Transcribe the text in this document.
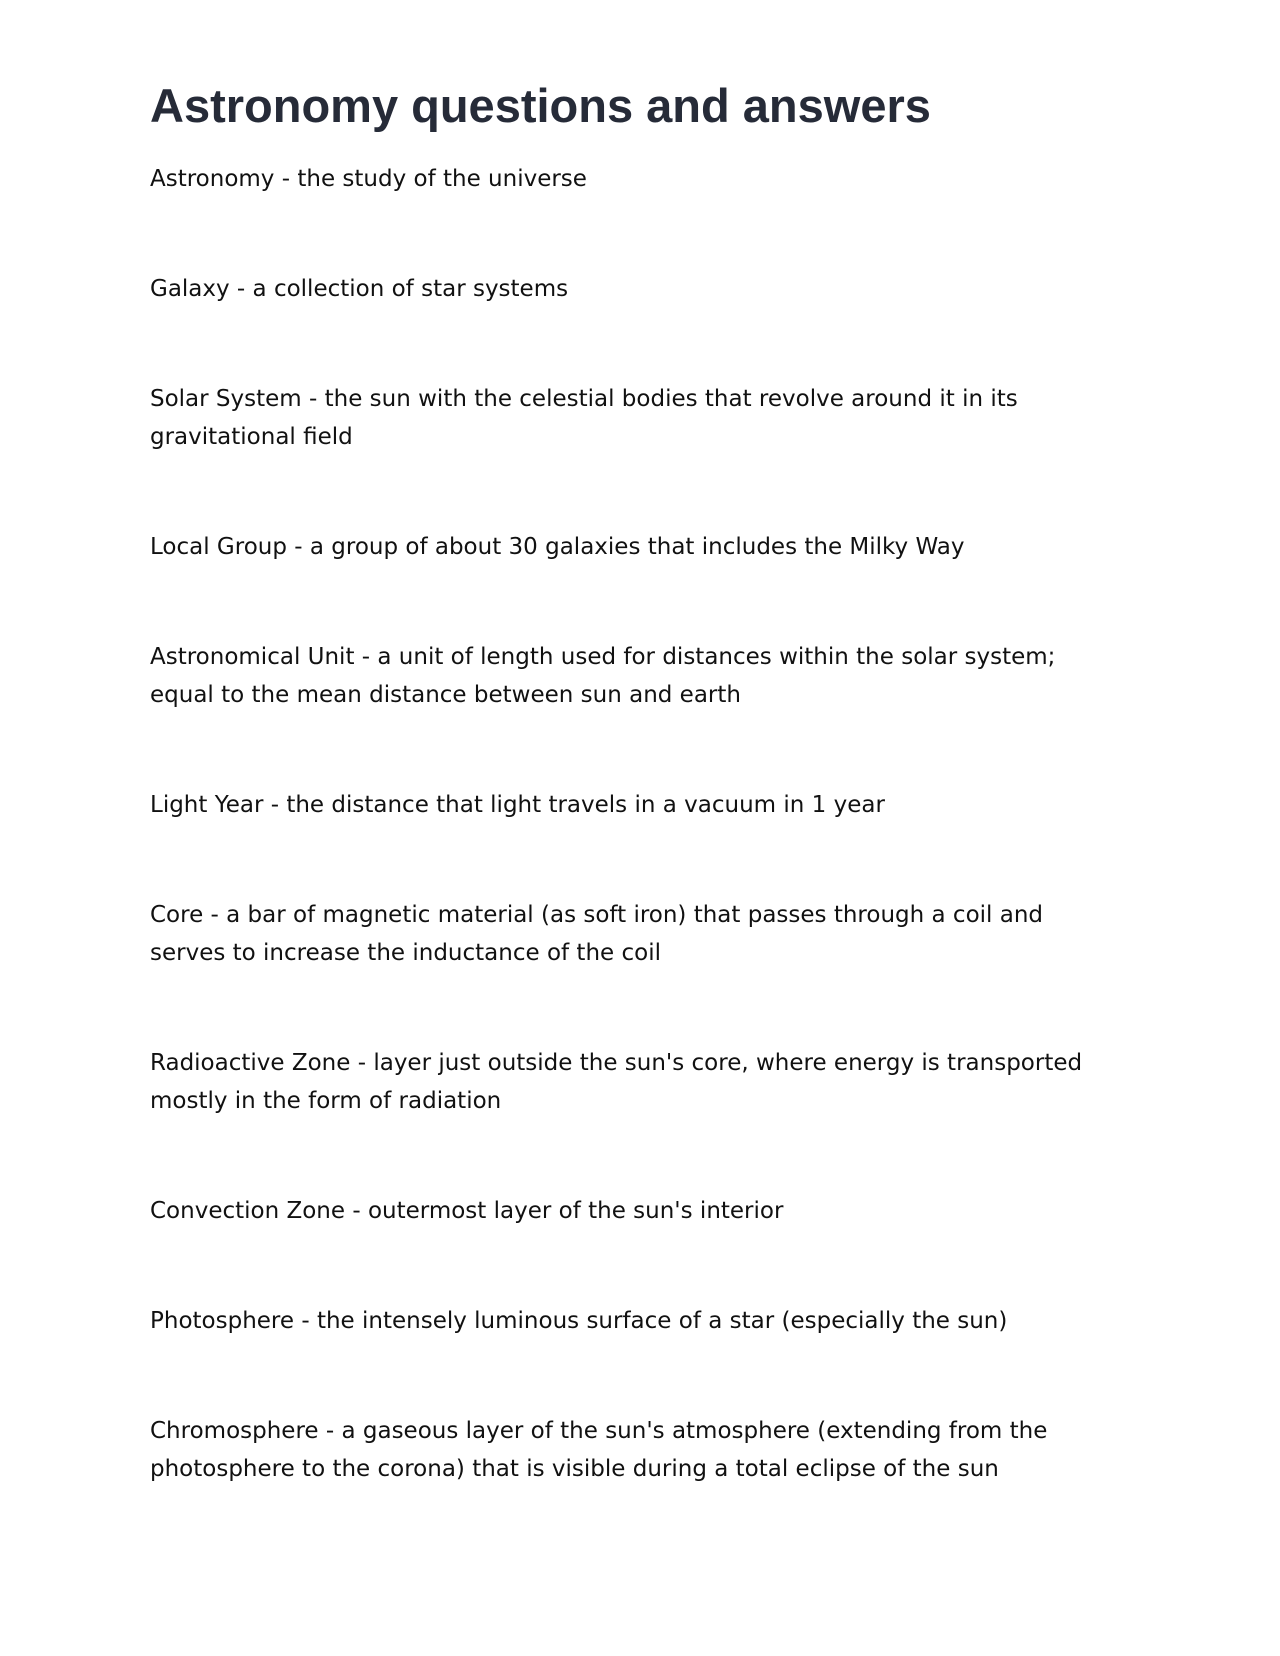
Astronomy questions and answers

Astronomy - the study of the universe

Galaxy - a collection of star systems

Solar System - the sun with the celestial bodies that revolve around it in its gravitational field

Local Group - a group of about 30 galaxies that includes the Milky Way

Astronomical Unit - a unit of length used for distances within the solar system; equal to the mean distance between sun and earth

Light Year - the distance that light travels in a vacuum in 1 year

Core - a bar of magnetic material (as soft iron) that passes through a coil and serves to increase the inductance of the coil

Radioactive Zone - layer just outside the sun's core, where energy is transported mostly in the form of radiation

Convection Zone - outermost layer of the sun's interior

Photosphere - the intensely luminous surface of a star (especially the sun)

Chromosphere - a gaseous layer of the sun's atmosphere (extending from the photosphere to the corona) that is visible during a total eclipse of the sun
